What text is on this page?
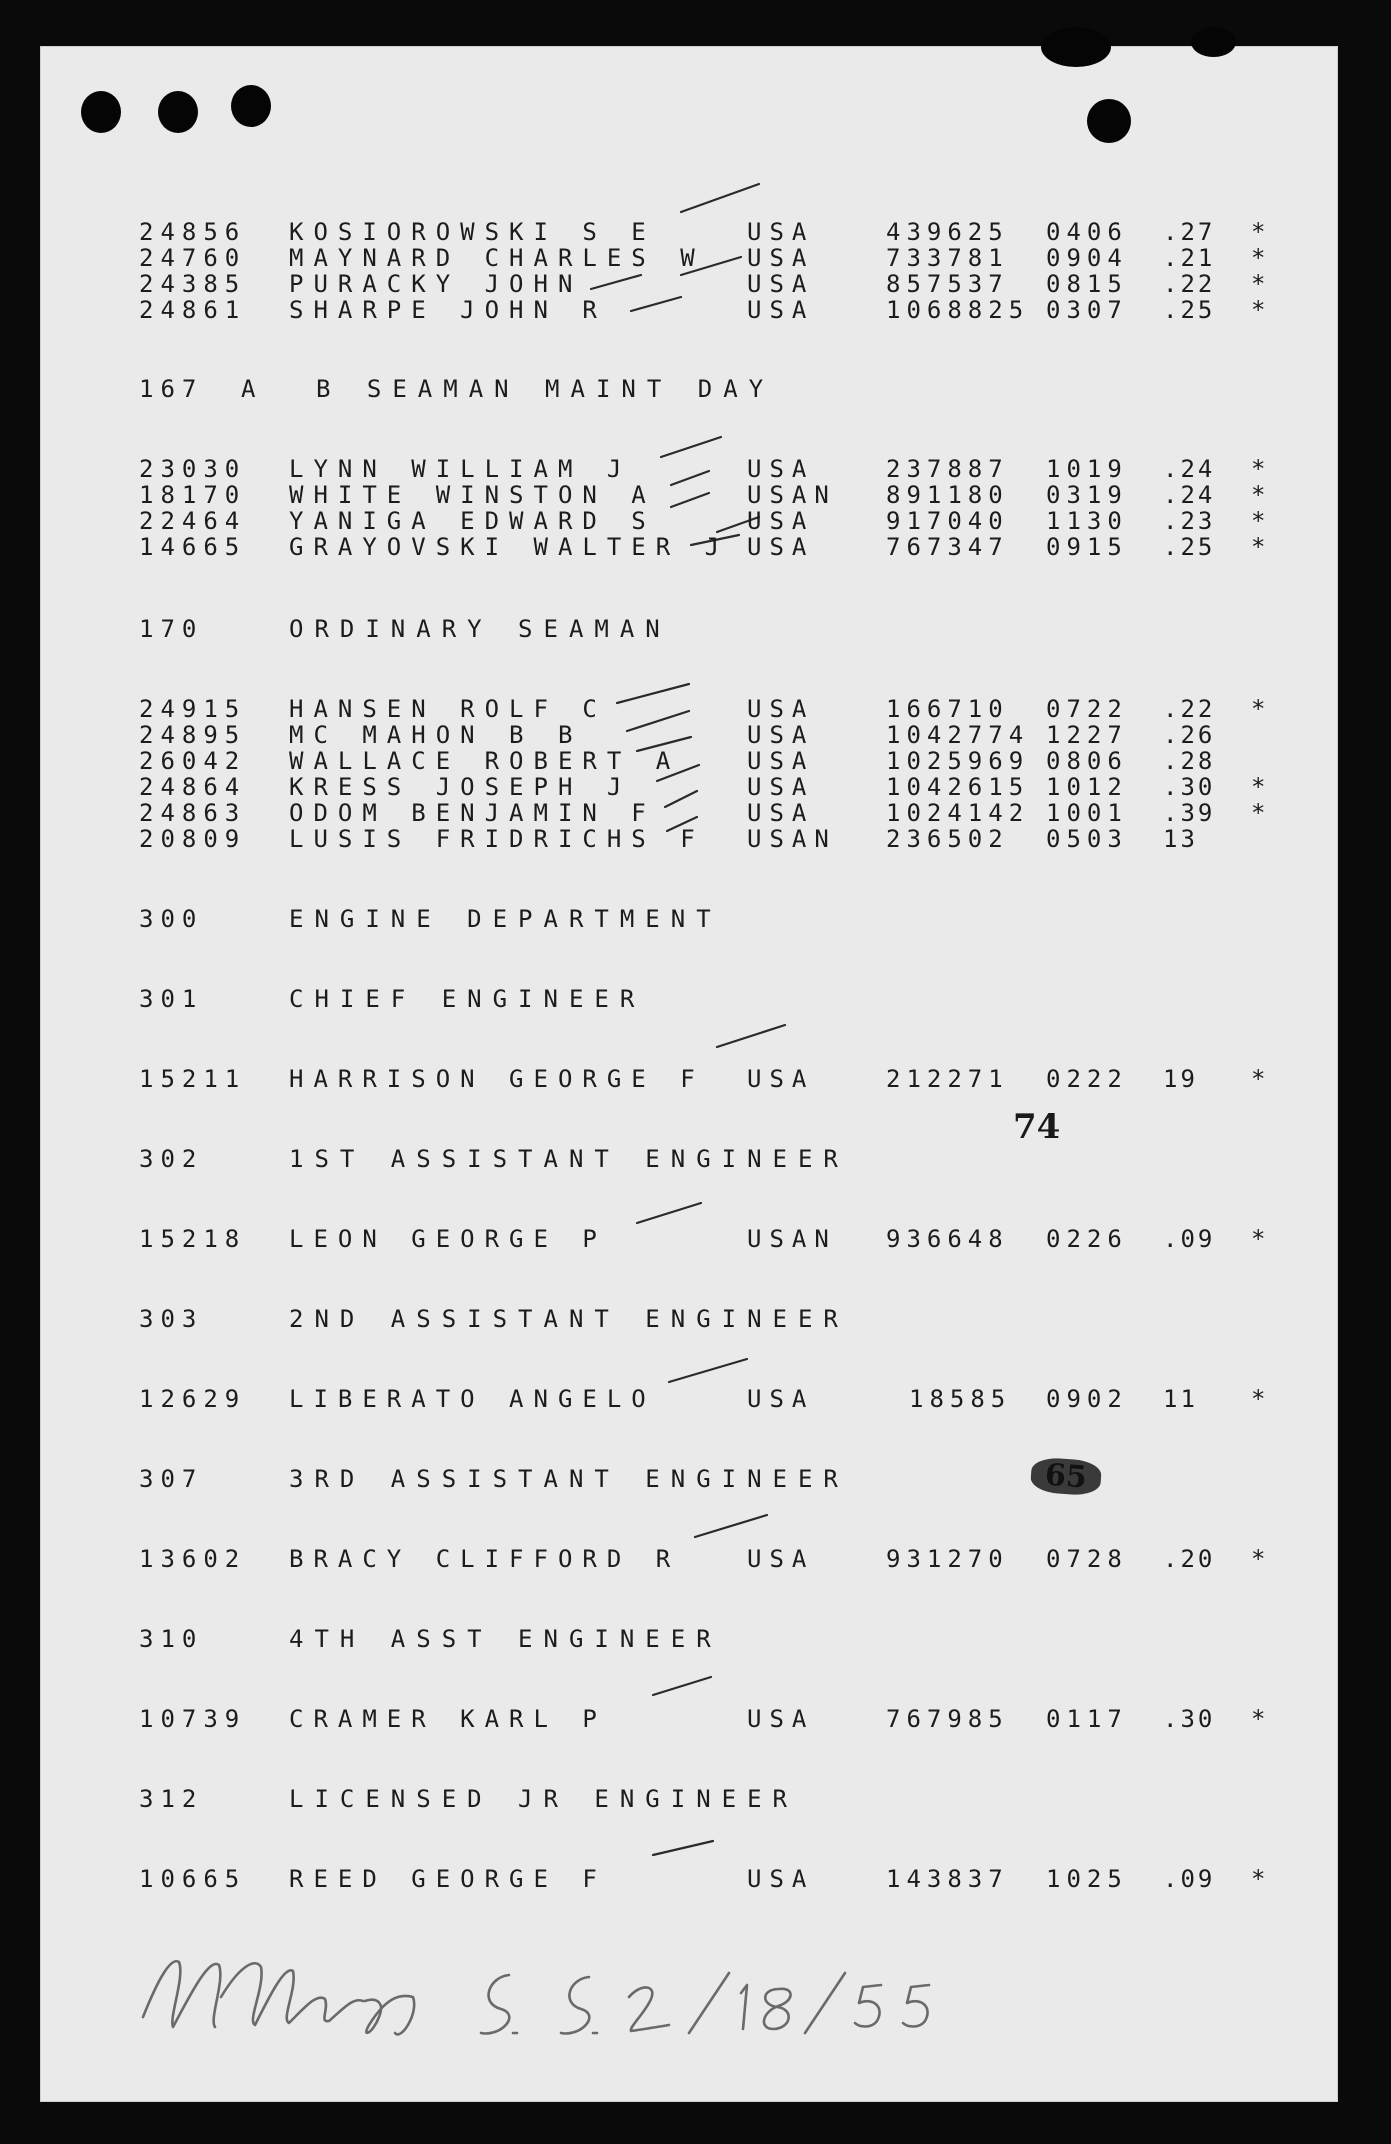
24856 KOSIOROWSKI S E	USA	439625 0406 .27 *
24760 MAYNARD CHARLES W USA	733781 0904 .21 *
24385 PURACKY JOHN	USA	857537 0815 .22 *
24861 SHARPE JOHN R	USA	1068825 0307 .25 *
167 A B SEAMAN MAINT DAY
23030 LYNN WILLIAM J	USA	237887 1019 .24 *
18170 WHITE WINSTON A	USAN 891180 0319 .24 *
22464 YANIGA EDWARD S	USA	917040 1130 .23 *
14665 GRAYOVSKI WALTER J USA	767347 0915 .25 *
170	ORDINARY SEAMAN
24915 HANSEN ROLF C	USA	166710 0722 .22 *
24895 MC MAHON B B	USA	1042774 1227 .26
26042 WALLACE ROBERT A	USA	1025969 0806 .28
24864 KRESS JOSEPH J	USA	1042615 1012 .30 *
24863 ODOM BENJAMIN F	USA	1024142 1001 .39 *
20809 LUSIS FRIDRICHS F USAN 236502 0503 13
300	ENGINE DEPARTMENT
301	CHIEF ENGINEER
15211 HARRISON GEORGE F USA	212271 0222 19 *
74
302	1ST ASSISTANT ENGINEER
15218 LEON GEORGE P	USAN 936648 0226 .09 *
303	2ND ASSISTANT ENGINEER
12629 LIBERATO ANGELO	USA	18585 0902 11 *
307	3RD ASSISTANT ENGINEER	65
13602 BRACY CLIFFORD R	USA	931270 0728 .20 *
310	4TH ASST ENGINEER
10739 CRAMER KARL P	USA	767985 0117 .30 *
312	LICENSED JR ENGINEER
10665 REED GEORGE F	USA	143837 1025 .09 *
